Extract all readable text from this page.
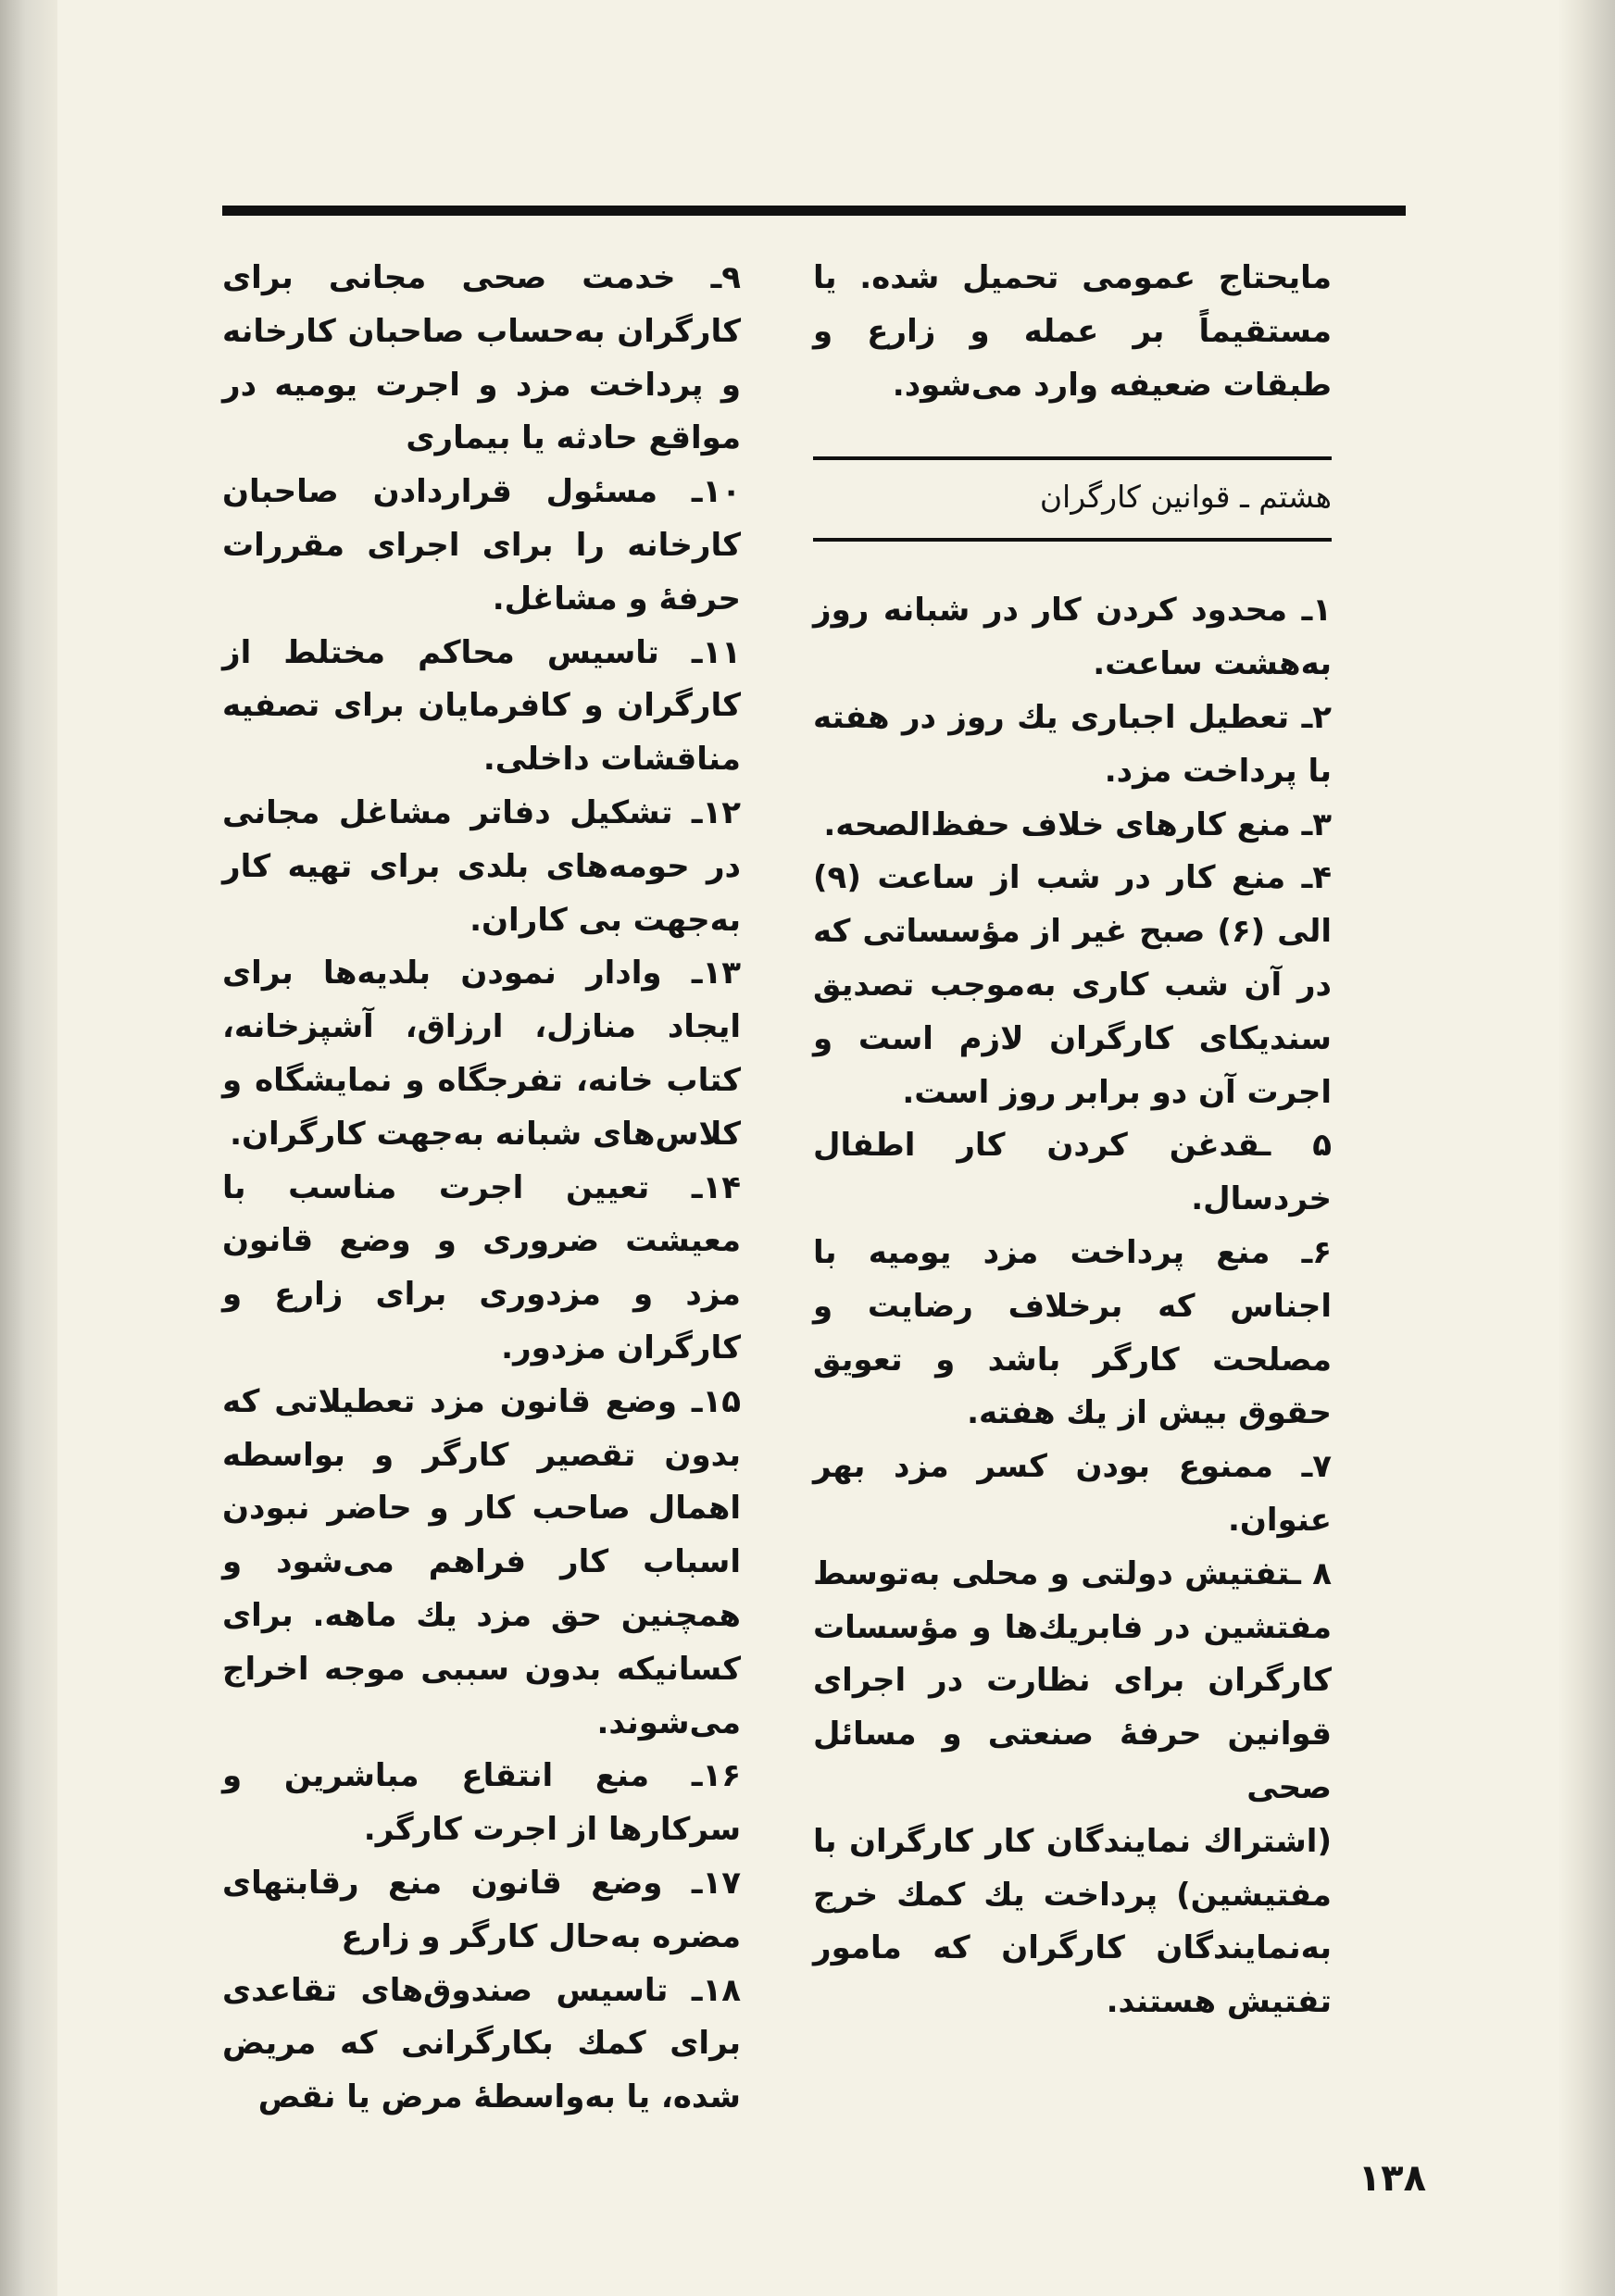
مایحتاج عمومی تحمیل شده. یا مستقیماً بر عمله و زارع و طبقات ضعیفه وارد می‌شود.

هشتم ـ قوانین کارگران

۱ـ محدود کردن کار در شبانه روز به‌هشت ساعت.

۲ـ تعطیل اجباری یك روز در هفته با پرداخت مزد.

۳ـ منع کارهای خلاف حفظ‌الصحه.

۴ـ منع کار در شب از ساعت (۹) الی (۶) صبح غیر از مؤسساتی که در آن شب کاری به‌موجب تصدیق سندیکای کارگران لازم است و اجرت آن دو برابر روز است.

۵ ـقدغن کردن کار اطفال خردسال.

۶ـ منع پرداخت مزد یومیه با اجناس که برخلاف رضایت و مصلحت کارگر باشد و تعویق حقوق بیش از یك هفته.

۷ـ ممنوع بودن کسر مزد بهر عنوان.

۸ ـتفتیش دولتی و محلی به‌توسط مفتشین در فابریك‌ها و مؤسسات کارگران برای نظارت در اجرای قوانین حرفهٔ صنعتی و مسائل صحی

(اشتراك نمایندگان کار کارگران با مفتیشین) پرداخت یك کمك خرج به‌نمایندگان کارگران که مامور تفتیش هستند.

۹ـ خدمت صحی مجانی برای کارگران به‌حساب صاحبان کارخانه و پرداخت مزد و اجرت یومیه در مواقع حادثه یا بیماری

۱۰ـ مسئول قراردادن صاحبان کارخانه را برای اجرای مقررات حرفهٔ و مشاغل.

۱۱ـ تاسیس محاکم مختلط از کارگران و کافرمایان برای تصفیه مناقشات داخلی.

۱۲ـ تشکیل دفاتر مشاغل مجانی در حومه‌های بلدی برای تهیه کار به‌جهت بی کاران.

۱۳ـ وادار نمودن بلدیه‌ها برای ایجاد منازل، ارزاق، آشپزخانه، کتاب خانه، تفرجگاه و نمایشگاه و کلاس‌های شبانه به‌جهت کارگران.

۱۴ـ تعیین اجرت مناسب با معیشت ضروری و وضع قانون مزد و مزدوری برای زارع و کارگران مزدور.

۱۵ـ وضع قانون مزد تعطیلاتی که بدون تقصیر کارگر و بواسطه اهمال صاحب کار و حاضر نبودن اسباب کار فراهم می‌شود و همچنین حق مزد یك ماهه. برای کسانیکه بدون سببی موجه اخراج می‌شوند.

۱۶ـ منع انتقاع مباشرین و سرکارها از اجرت کارگر.

۱۷ـ وضع قانون منع رقابتهای مضره به‌حال کارگر و زارع

۱۸ـ تاسیس صندوق‌های تقاعدی برای کمك بکارگرانی که مریض شده، یا به‌واسطهٔ مرض یا نقص

۱۳۸
